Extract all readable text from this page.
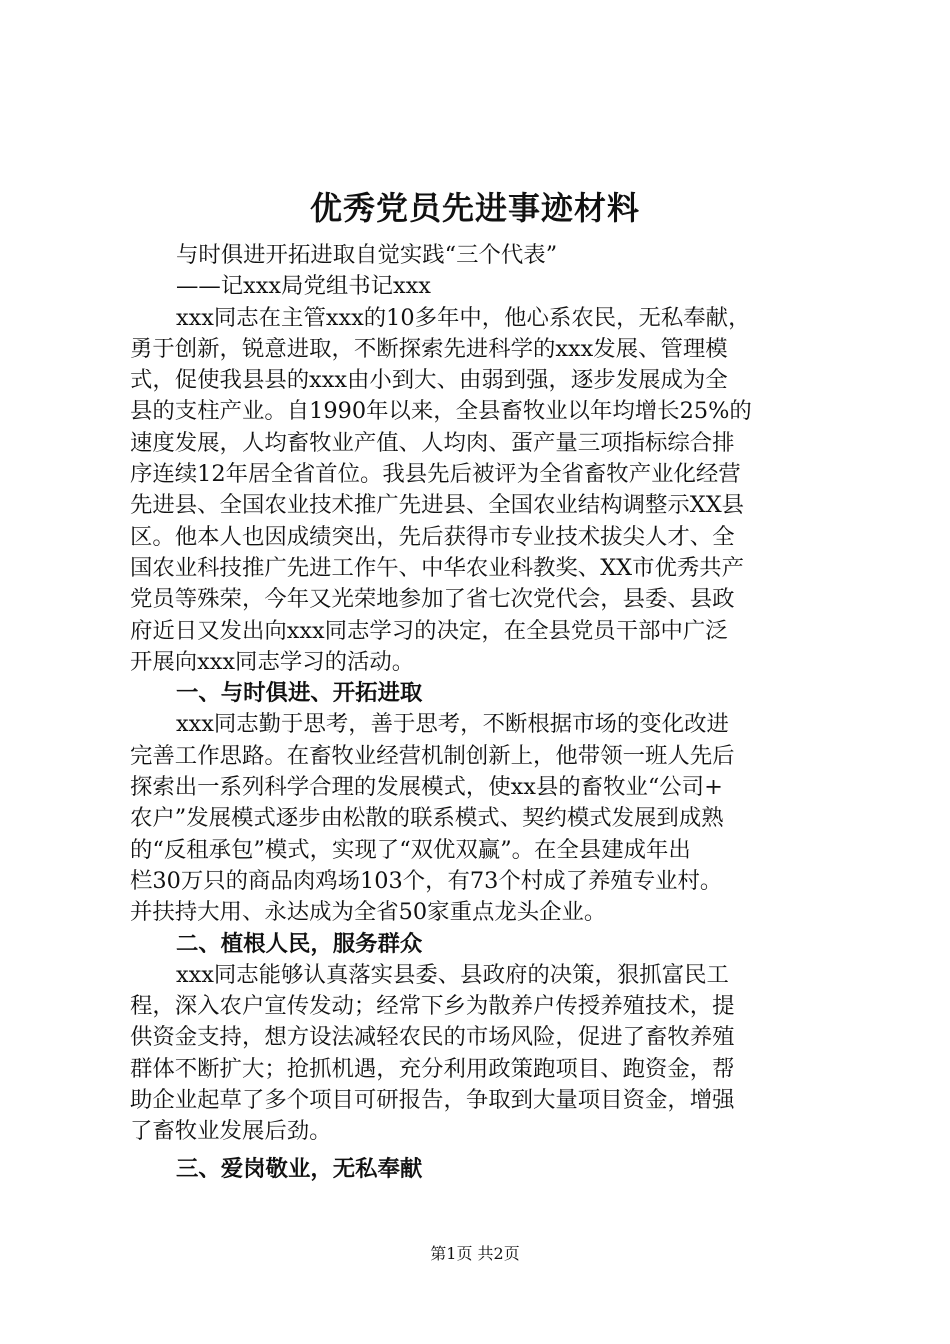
优秀党员先进事迹材料
与时俱进开拓进取自觉实践“三个代表”
——记xxx局党组书记xxx
xxx同志在主管xxx的10多年中，他心系农民，无私奉献，
勇于创新，锐意进取，不断探索先进科学的xxx发展、管理模
式，促使我县县的xxx由小到大、由弱到强，逐步发展成为全
县的支柱产业。自1990年以来，全县畜牧业以年均增长25%的
速度发展，人均畜牧业产值、人均肉、蛋产量三项指标综合排
序连续12年居全省首位。我县先后被评为全省畜牧产业化经营
先进县、全国农业技术推广先进县、全国农业结构调整示XX县
区。他本人也因成绩突出，先后获得市专业技术拔尖人才、全
国农业科技推广先进工作午、中华农业科教奖、XX市优秀共产
党员等殊荣，今年又光荣地参加了省七次党代会，县委、县政
府近日又发出向xxx同志学习的决定，在全县党员干部中广泛
开展向xxx同志学习的活动。
一、与时俱进、开拓进取
xxx同志勤于思考，善于思考，不断根据市场的变化改进
完善工作思路。在畜牧业经营机制创新上，他带领一班人先后
探索出一系列科学合理的发展模式，使xx县的畜牧业“公司+
农户”发展模式逐步由松散的联系模式、契约模式发展到成熟
的“反租承包”模式，实现了“双优双赢”。在全县建成年出
栏30万只的商品肉鸡场103个，有73个村成了养殖专业村。
并扶持大用、永达成为全省50家重点龙头企业。
二、植根人民，服务群众
xxx同志能够认真落实县委、县政府的决策，狠抓富民工
程，深入农户宣传发动；经常下乡为散养户传授养殖技术，提
供资金支持，想方设法减轻农民的市场风险，促进了畜牧养殖
群体不断扩大；抢抓机遇，充分利用政策跑项目、跑资金，帮
助企业起草了多个项目可研报告，争取到大量项目资金，增强
了畜牧业发展后劲。
三、爱岗敬业，无私奉献
第1页 共2页
